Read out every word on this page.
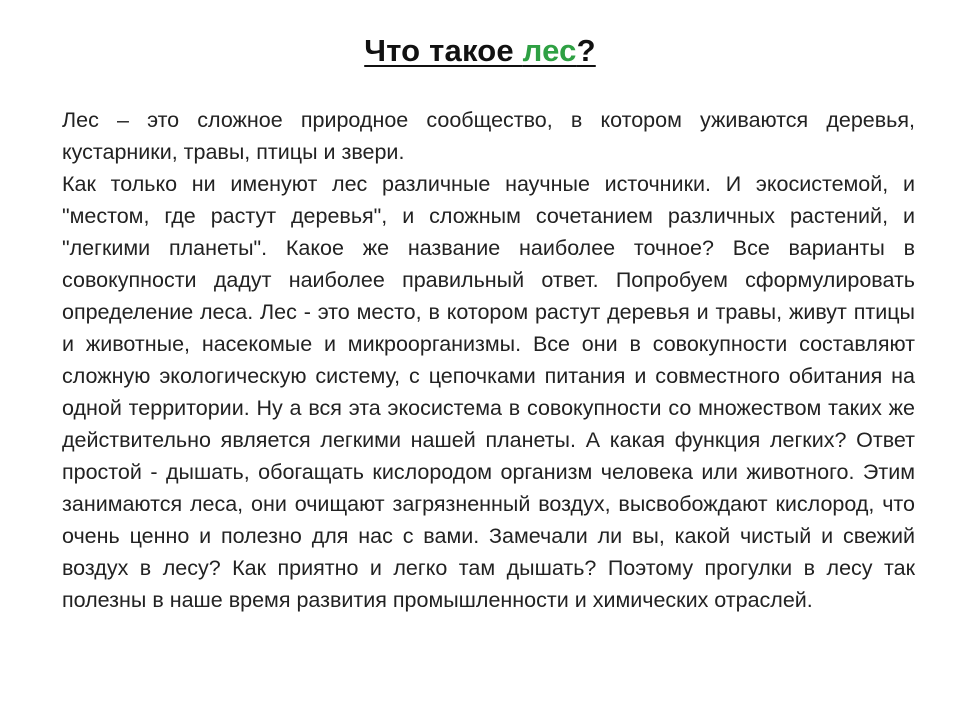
Что такое лес?

Лес – это сложное природное сообщество, в котором уживаются деревья, кустарники, травы, птицы и звери.

Как только ни именуют лес различные научные источники. И экосистемой, и "местом, где растут деревья", и сложным сочетанием различных растений, и "легкими планеты". Какое же название наиболее точное? Все варианты в совокупности дадут наиболее правильный ответ. Попробуем сформулировать определение леса. Лес - это место, в котором растут деревья и травы, живут птицы и животные, насекомые и микроорганизмы. Все они в совокупности составляют сложную экологическую систему, с цепочками питания и совместного обитания на одной территории. Ну а вся эта экосистема в совокупности со множеством таких же действительно является легкими нашей планеты. А какая функция легких? Ответ простой - дышать, обогащать кислородом организм человека или животного. Этим занимаются леса, они очищают загрязненный воздух, высвобождают кислород, что очень ценно и полезно для нас с вами. Замечали ли вы, какой чистый и свежий воздух в лесу? Как приятно и легко там дышать? Поэтому прогулки в лесу так полезны в наше время развития промышленности и химических отраслей.
